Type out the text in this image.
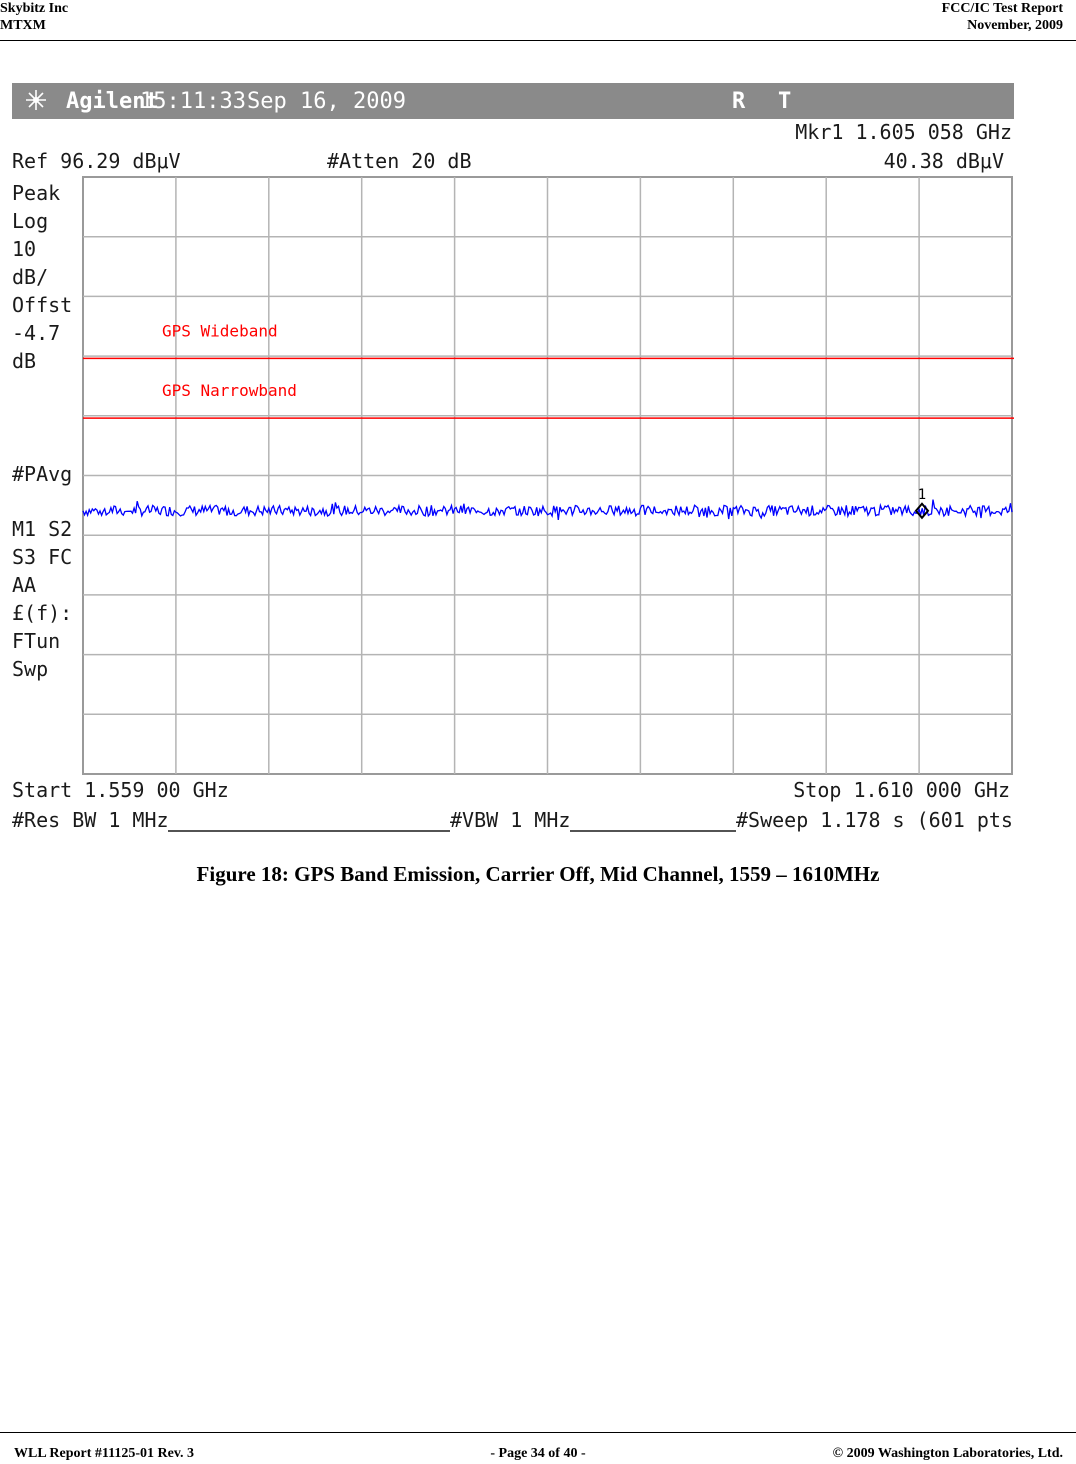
Skybitz Inc
MTXM
FCC/IC Test Report
November, 2009
Agilent
15:11:33 Sep 16, 2009	R T
Mkr1 1.605 058 GHz
40.38 dBμV
Ref 96.29 dBμV	#Atten 20 dB
Peak
Log
10
dB/
Offst
-4.7
dB
#PAvg
M1 S2
S3 FC
AA
£(f):
FTun
Swp
GPS Wideband
GPS Narrowband
1
Start 1.559 00 GHz	Stop 1.610 000 GHz
#Res BW 1 MHz	#VBW 1 MHz	#Sweep 1.178 s (601 pts)
Figure 18: GPS Band Emission, Carrier Off, Mid Channel, 1559 – 1610MHz
WLL Report #11125-01 Rev. 3	- Page 34 of 40 -	© 2009 Washington Laboratories, Ltd.
